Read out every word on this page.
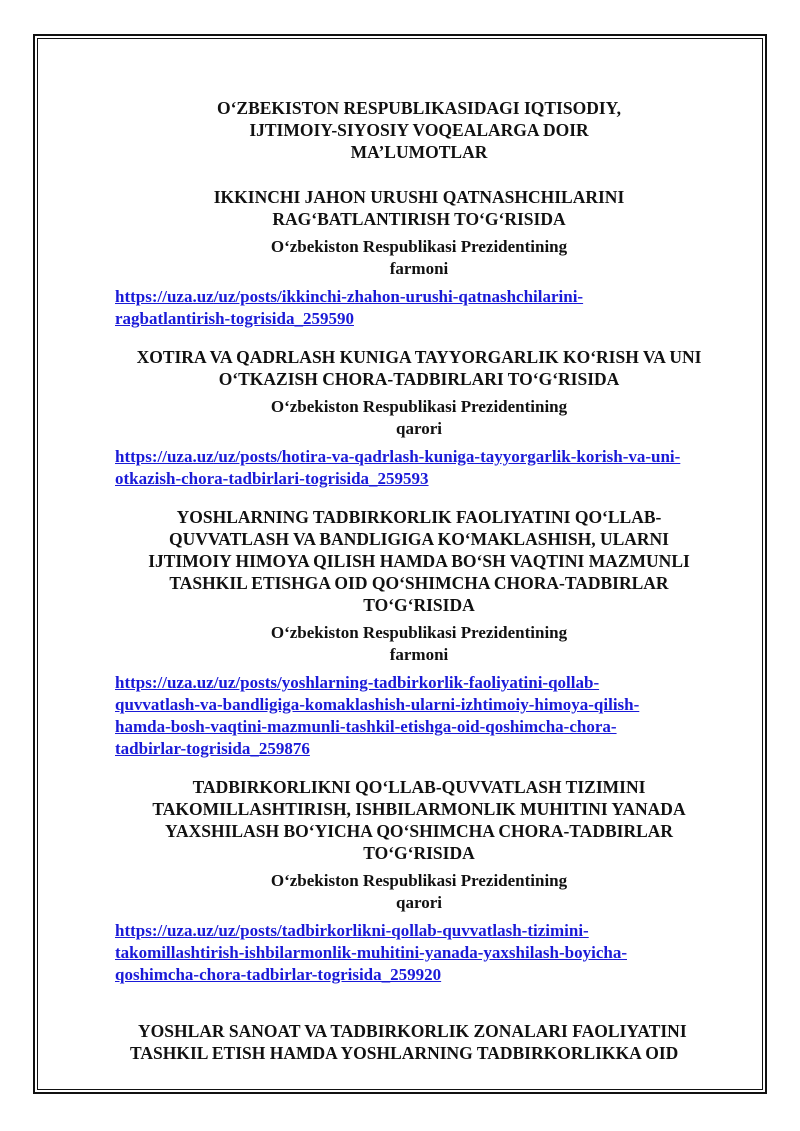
O‘ZBEKISTON RESPUBLIKASIDAGI IQTISODIY,
IJTIMOIY-SIYOSIY VOQEALARGA DOIR
MA’LUMOTLAR
IKKINCHI JAHON URUSHI QATNASHCHILARINI
RAG‘BATLANTIRISH TO‘G‘RISIDA
O‘zbekiston Respublikasi Prezidentining
farmoni
https://uza.uz/uz/posts/ikkinchi-zhahon-urushi-qatnashchilarini-
ragbatlantirish-togrisida_259590
XOTIRA VA QADRLASH KUNIGA TAYYORGARLIK KO‘RISH VA UNI
O‘TKAZISH CHORA-TADBIRLARI TO‘G‘RISIDA
O‘zbekiston Respublikasi Prezidentining
qarori
https://uza.uz/uz/posts/hotira-va-qadrlash-kuniga-tayyorgarlik-korish-va-uni-
otkazish-chora-tadbirlari-togrisida_259593
YOSHLARNING TADBIRKORLIK FAOLIYATINI QO‘LLAB-
QUVVATLASH VA BANDLIGIGA KO‘MAKLASHISH, ULARNI
IJTIMOIY HIMOYA QILISH HAMDA BO‘SH VAQTINI MAZMUNLI
TASHKIL ETISHGA OID QO‘SHIMCHA CHORA-TADBIRLAR
TO‘G‘RISIDA
O‘zbekiston Respublikasi Prezidentining
farmoni
https://uza.uz/uz/posts/yoshlarning-tadbirkorlik-faoliyatini-qollab-
quvvatlash-va-bandligiga-komaklashish-ularni-izhtimoiy-himoya-qilish-
hamda-bosh-vaqtini-mazmunli-tashkil-etishga-oid-qoshimcha-chora-
tadbirlar-togrisida_259876
TADBIRKORLIKNI QO‘LLAB-QUVVATLASH TIZIMINI
TAKOMILLASHTIRISH, ISHBILARMONLIK MUHITINI YANADA
YAXSHILASH BO‘YICHA QO‘SHIMCHA CHORA-TADBIRLAR
TO‘G‘RISIDA
O‘zbekiston Respublikasi Prezidentining
qarori
https://uza.uz/uz/posts/tadbirkorlikni-qollab-quvvatlash-tizimini-
takomillashtirish-ishbilarmonlik-muhitini-yanada-yaxshilash-boyicha-
qoshimcha-chora-tadbirlar-togrisida_259920
YOSHLAR SANOAT VA TADBIRKORLIK ZONALARI FAOLIYATINI
TASHKIL ETISH HAMDA YOSHLARNING TADBIRKORLIKKA OID
